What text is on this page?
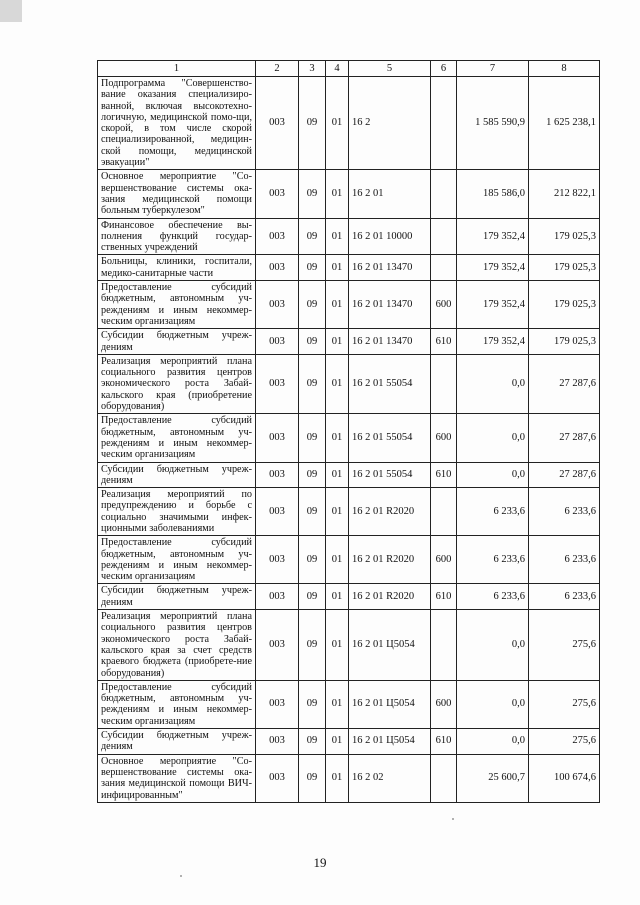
1	2	3	4	5	6	7	8
Подпрограмма "Совершенство-вание оказания специализиро-ванной, включая высокотехно-логичную, медицинской помо-щи, скорой, в том числе скорой специализированной, медицин-ской помощи, медицинской эвакуации"	003	09	01	16 2		1 585 590,9	1 625 238,1
Основное мероприятие "Со-вершенствование системы ока-зания медицинской помощи больным туберкулезом"	003	09	01	16 2 01		185 586,0	212 822,1
Финансовое обеспечение вы-полнения функций государ-ственных учреждений	003	09	01	16 2 01 10000		179 352,4	179 025,3
Больницы, клиники, госпитали, медико-санитарные части	003	09	01	16 2 01 13470		179 352,4	179 025,3
Предоставление субсидий бюджетным, автономным уч-реждениям и иным некоммер-ческим организациям	003	09	01	16 2 01 13470	600	179 352,4	179 025,3
Субсидии бюджетным учреж-дениям	003	09	01	16 2 01 13470	610	179 352,4	179 025,3
Реализация мероприятий плана социального развития центров экономического роста Забай-кальского края (приобретение оборудования)	003	09	01	16 2 01 55054		0,0	27 287,6
Предоставление субсидий бюджетным, автономным уч-реждениям и иным некоммер-ческим организациям	003	09	01	16 2 01 55054	600	0,0	27 287,6
Субсидии бюджетным учреж-дениям	003	09	01	16 2 01 55054	610	0,0	27 287,6
Реализация мероприятий по предупреждению и борьбе с социально значимыми инфек-ционными заболеваниями	003	09	01	16 2 01 R2020		6 233,6	6 233,6
Предоставление субсидий бюджетным, автономным уч-реждениям и иным некоммер-ческим организациям	003	09	01	16 2 01 R2020	600	6 233,6	6 233,6
Субсидии бюджетным учреж-дениям	003	09	01	16 2 01 R2020	610	6 233,6	6 233,6
Реализация мероприятий плана социального развития центров экономического роста Забай-кальского края за счет средств краевого бюджета (приобрете-ние оборудования)	003	09	01	16 2 01 Ц5054		0,0	275,6
Предоставление субсидий бюджетным, автономным уч-реждениям и иным некоммер-ческим организациям	003	09	01	16 2 01 Ц5054	600	0,0	275,6
Субсидии бюджетным учреж-дениям	003	09	01	16 2 01 Ц5054	610	0,0	275,6
Основное мероприятие "Со-вершенствование системы ока-зания медицинской помощи ВИЧ-инфицированным"	003	09	01	16 2 02		25 600,7	100 674,6
19
